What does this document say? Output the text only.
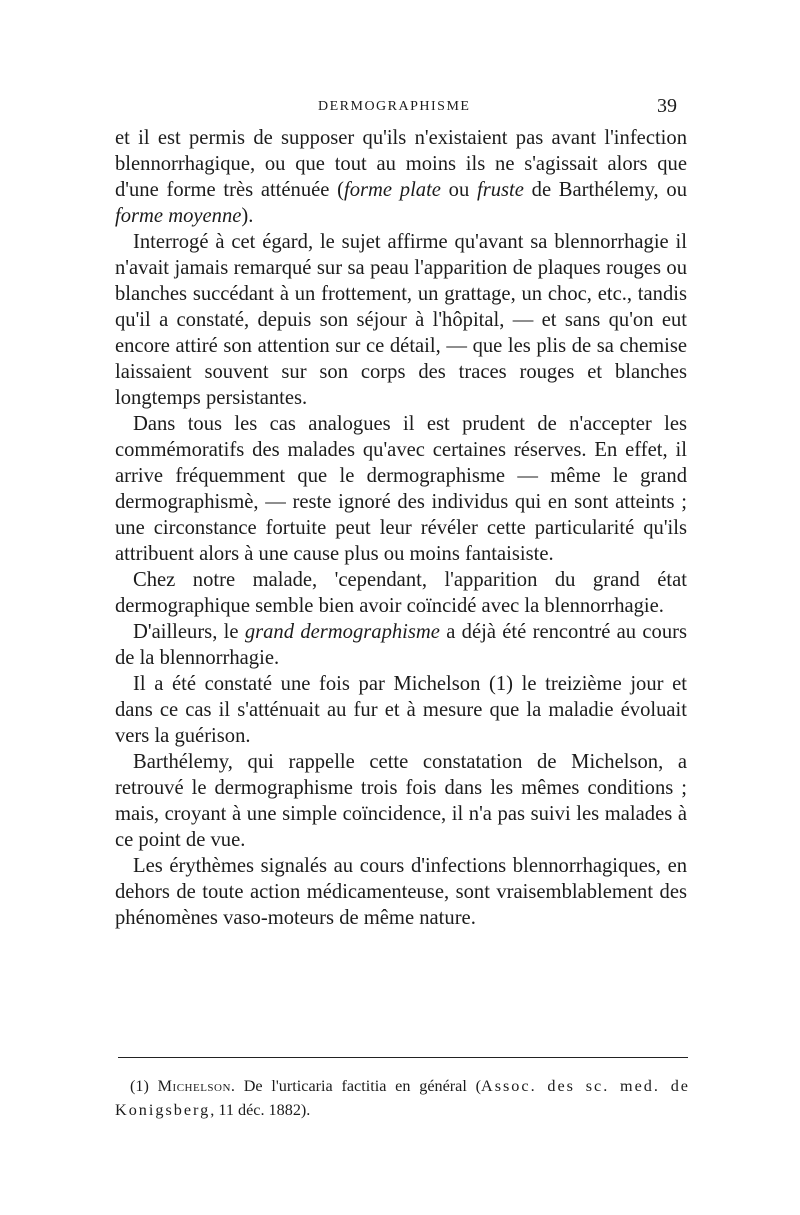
DERMOGRAPHISME	39

et il est permis de supposer qu'ils n'existaient pas avant l'infection blennorrhagique, ou que tout au moins ils ne s'agissait alors que d'une forme très atténuée (forme plate ou fruste de Barthélemy, ou forme moyenne).

Interrogé à cet égard, le sujet affirme qu'avant sa blennorrhagie il n'avait jamais remarqué sur sa peau l'apparition de plaques rouges ou blanches succédant à un frottement, un grattage, un choc, etc., tandis qu'il a constaté, depuis son séjour à l'hôpital, — et sans qu'on eut encore attiré son attention sur ce détail, — que les plis de sa chemise laissaient souvent sur son corps des traces rouges et blanches longtemps persistantes.

Dans tous les cas analogues il est prudent de n'accepter les commémoratifs des malades qu'avec certaines réserves. En effet, il arrive fréquemment que le dermographisme — même le grand dermographismè, — reste ignoré des individus qui en sont atteints ; une circonstance fortuite peut leur révéler cette particularité qu'ils attribuent alors à une cause plus ou moins fantaisiste.

Chez notre malade, 'cependant, l'apparition du grand état dermographique semble bien avoir coïncidé avec la blennorrhagie.

D'ailleurs, le grand dermographisme a déjà été rencontré au cours de la blennorrhagie.

Il a été constaté une fois par Michelson (1) le treizième jour et dans ce cas il s'atténuait au fur et à mesure que la maladie évoluait vers la guérison.

Barthélemy, qui rappelle cette constatation de Michelson, a retrouvé le dermographisme trois fois dans les mêmes conditions ; mais, croyant à une simple coïncidence, il n'a pas suivi les malades à ce point de vue.

Les érythèmes signalés au cours d'infections blennorrhagiques, en dehors de toute action médicamenteuse, sont vraisemblablement des phénomènes vaso-moteurs de même nature.

(1) Michelson. De l'urticaria factitia en général (Assoc. des sc. med. de Konigsberg, 11 déc. 1882).
